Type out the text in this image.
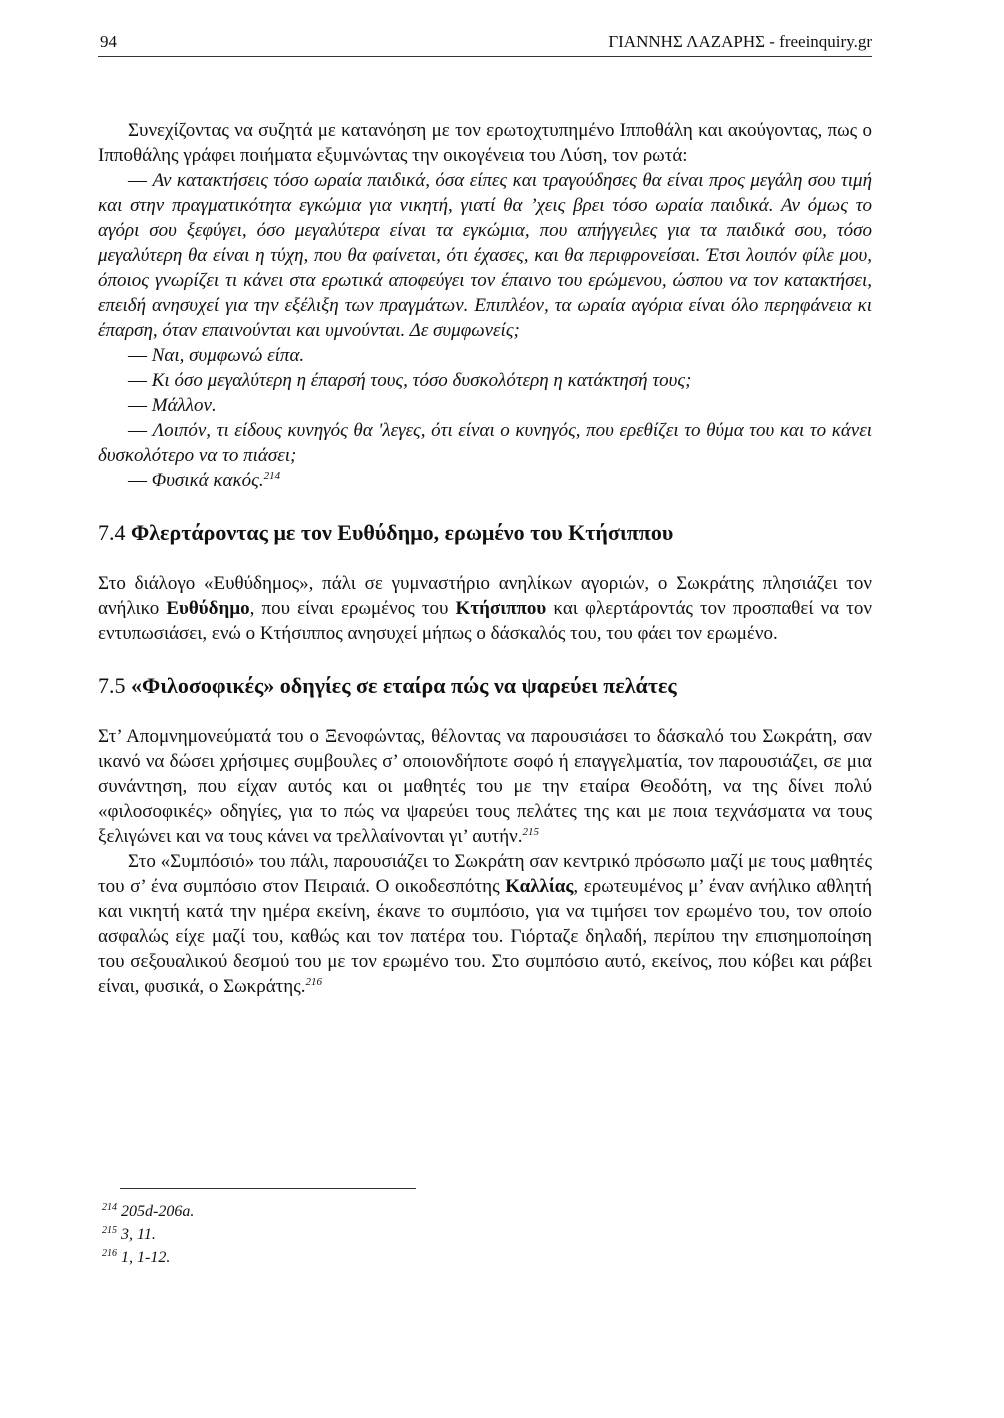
94	ΓΙΑΝΝΗΣ ΛΑΖΑΡΗΣ - freeinquiry.gr

Συνεχίζοντας να συζητά με κατανόηση με τον ερωτοχτυπημένο Ιπποθάλη και ακούγοντας, πως ο Ιπποθάλης γράφει ποιήματα εξυμνώντας την οικογένεια του Λύση, τον ρωτά:

— Αν κατακτήσεις τόσο ωραία παιδικά, όσα είπες και τραγούδησες θα είναι προς μεγάλη σου τιμή και στην πραγματικότητα εγκώμια για νικητή, γιατί θα ’χεις βρει τόσο ωραία παιδικά. Αν όμως το αγόρι σου ξεφύγει, όσο μεγαλύτερα είναι τα εγκώμια, που απήγγειλες για τα παιδικά σου, τόσο μεγαλύτερη θα είναι η τύχη, που θα φαίνεται, ότι έχασες, και θα περιφρονείσαι. Έτσι λοιπόν φίλε μου, όποιος γνωρίζει τι κάνει στα ερωτικά αποφεύγει τον έπαινο του ερώμενου, ώσπου να τον κατακτήσει, επειδή ανησυχεί για την εξέλιξη των πραγμάτων. Επιπλέον, τα ωραία αγόρια είναι όλο περηφάνεια κι έπαρση, όταν επαινούνται και υμνούνται. Δε συμφωνείς;

— Ναι, συμφωνώ είπα.

— Κι όσο μεγαλύτερη η έπαρσή τους, τόσο δυσκολότερη η κατάκτησή τους;

— Μάλλον.

— Λοιπόν, τι είδους κυνηγός θα 'λεγες, ότι είναι ο κυνηγός, που ερεθίζει το θύμα του και το κάνει δυσκολότερο να το πιάσει;

— Φυσικά κακός.$^{214}$

7.4 Φλερτάροντας με τον Ευθύδημο, ερωμένο του Κτήσιππου

Στο διάλογο «Ευθύδημος», πάλι σε γυμναστήριο ανηλίκων αγοριών, ο Σωκράτης πλησιάζει τον ανήλικο Ευθύδημο, που είναι ερωμένος του Κτήσιππου και φλερτάροντάς τον προσπαθεί να τον εντυπωσιάσει, ενώ ο Κτήσιππος ανησυχεί μήπως ο δάσκαλός του, του φάει τον ερωμένο.

7.5 «Φιλοσοφικές» οδηγίες σε εταίρα πώς να ψαρεύει πελάτες

Στ’ Απομνημονεύματά του ο Ξενοφώντας, θέλοντας να παρουσιάσει το δάσκαλό του Σωκράτη, σαν ικανό να δώσει χρήσιμες συμβουλες σ’ οποιονδήποτε σοφό ή επαγγελματία, τον παρουσιάζει, σε μια συνάντηση, που είχαν αυτός και οι μαθητές του με την εταίρα Θεοδότη, να της δίνει πολύ «φιλοσοφικές» οδηγίες, για το πώς να ψαρεύει τους πελάτες της και με ποια τεχνάσματα να τους ξελιγώνει και να τους κάνει να τρελλαίνονται γι’ αυτήν.$^{215}$

Στο «Συμπόσιό» του πάλι, παρουσιάζει το Σωκράτη σαν κεντρικό πρόσωπο μαζί με τους μαθητές του σ’ ένα συμπόσιο στον Πειραιά. Ο οικοδεσπότης Καλλίας, ερωτευμένος μ’ έναν ανήλικο αθλητή και νικητή κατά την ημέρα εκείνη, έκανε το συμπόσιο, για να τιμήσει τον ερωμένο του, τον οποίο ασφαλώς είχε μαζί του, καθώς και τον πατέρα του. Γιόρταζε δηλαδή, περίπου την επισημοποίηση του σεξουαλικού δεσμού του με τον ερωμένο του. Στο συμπόσιο αυτό, εκείνος, που κόβει και ράβει είναι, φυσικά, ο Σωκράτης.$^{216}$

$^{214}$ 205d-206a.
$^{215}$ 3, 11.
$^{216}$ 1, 1-12.
